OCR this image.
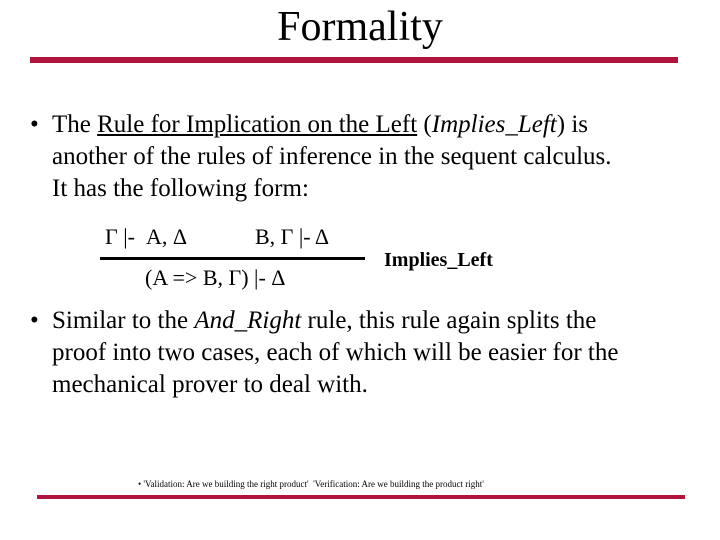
Formality
• The Rule for Implication on the Left (Implies_Left) is
another of the rules of inference in the sequent calculus.
It has the following form:
Γ |-  A, Δ	B, Γ |- Δ
(A => B, Γ) |- Δ
Implies_Left
• Similar to the And_Right rule, this rule again splits the
proof into two cases, each of which will be easier for the
mechanical prover to deal with.
• 'Validation: Are we building the right product'  'Verification: Are we building the product right'
